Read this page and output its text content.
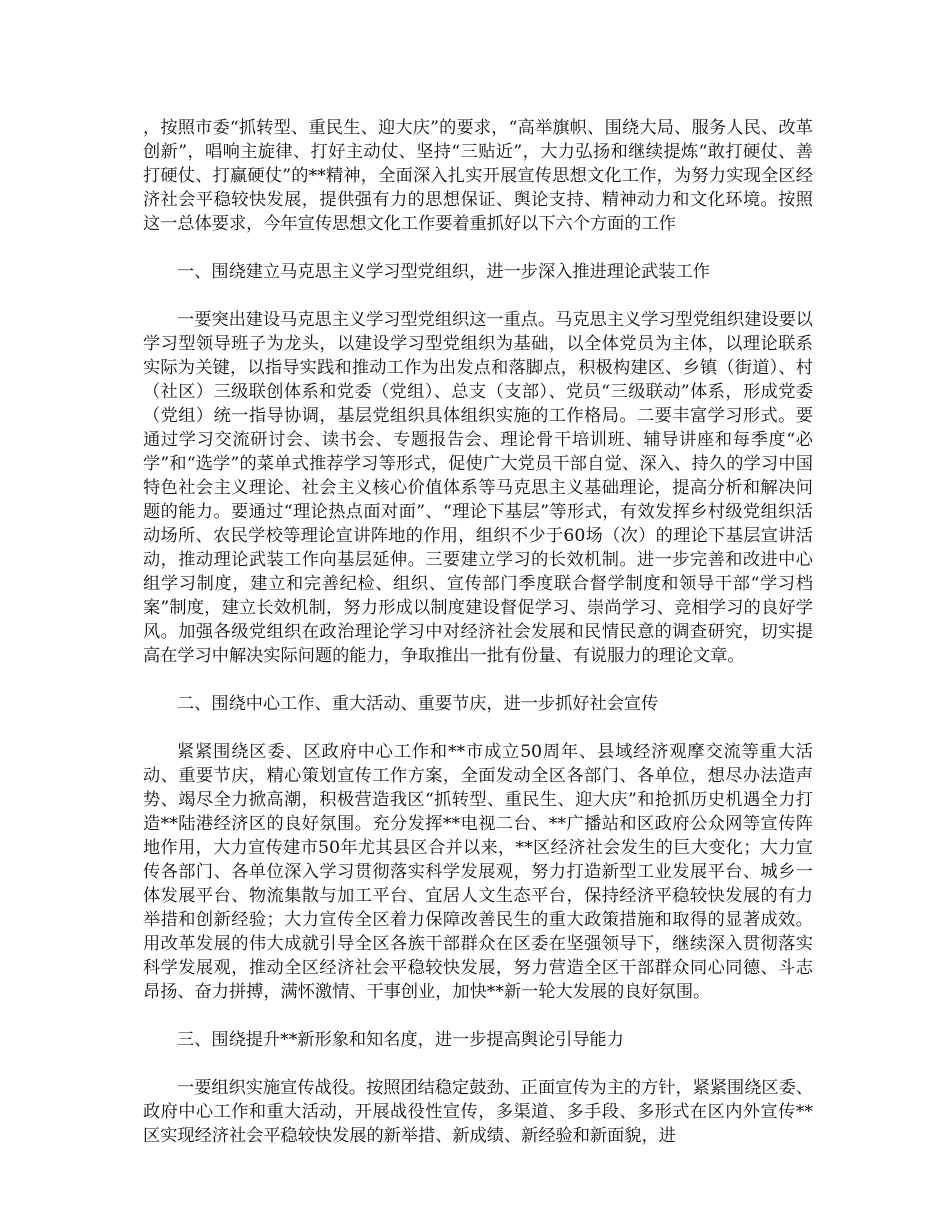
，按照市委“抓转型、重民生、迎大庆”的要求，“高举旗帜、围绕大局、服务人民、改革创新”，唱响主旋律、打好主动仗、坚持“三贴近”，大力弘扬和继续提炼“敢打硬仗、善打硬仗、打赢硬仗”的**精神，全面深入扎实开展宣传思想文化工作，为努力实现全区经济社会平稳较快发展，提供强有力的思想保证、舆论支持、精神动力和文化环境。按照这一总体要求，今年宣传思想文化工作要着重抓好以下六个方面的工作

一、围绕建立马克思主义学习型党组织，进一步深入推进理论武装工作

一要突出建设马克思主义学习型党组织这一重点。马克思主义学习型党组织建设要以学习型领导班子为龙头，以建设学习型党组织为基础，以全体党员为主体，以理论联系实际为关键，以指导实践和推动工作为出发点和落脚点，积极构建区、乡镇（街道）、村（社区）三级联创体系和党委（党组）、总支（支部）、党员“三级联动”体系，形成党委（党组）统一指导协调，基层党组织具体组织实施的工作格局。二要丰富学习形式。要通过学习交流研讨会、读书会、专题报告会、理论骨干培训班、辅导讲座和每季度“必学”和“选学”的菜单式推荐学习等形式，促使广大党员干部自觉、深入、持久的学习中国特色社会主义理论、社会主义核心价值体系等马克思主义基础理论，提高分析和解决问题的能力。要通过“理论热点面对面”、“理论下基层”等形式，有效发挥乡村级党组织活动场所、农民学校等理论宣讲阵地的作用，组织不少于60场（次）的理论下基层宣讲活动，推动理论武装工作向基层延伸。三要建立学习的长效机制。进一步完善和改进中心组学习制度，建立和完善纪检、组织、宣传部门季度联合督学制度和领导干部“学习档案”制度，建立长效机制，努力形成以制度建设督促学习、崇尚学习、竞相学习的良好学风。加强各级党组织在政治理论学习中对经济社会发展和民情民意的调查研究，切实提高在学习中解决实际问题的能力，争取推出一批有份量、有说服力的理论文章。

二、围绕中心工作、重大活动、重要节庆，进一步抓好社会宣传

紧紧围绕区委、区政府中心工作和**市成立50周年、县域经济观摩交流等重大活动、重要节庆，精心策划宣传工作方案，全面发动全区各部门、各单位，想尽办法造声势、竭尽全力掀高潮，积极营造我区“抓转型、重民生、迎大庆”和抢抓历史机遇全力打造**陆港经济区的良好氛围。充分发挥**电视二台、**广播站和区政府公众网等宣传阵地作用，大力宣传建市50年尤其县区合并以来，**区经济社会发生的巨大变化；大力宣传各部门、各单位深入学习贯彻落实科学发展观，努力打造新型工业发展平台、城乡一体发展平台、物流集散与加工平台、宜居人文生态平台，保持经济平稳较快发展的有力举措和创新经验；大力宣传全区着力保障改善民生的重大政策措施和取得的显著成效。用改革发展的伟大成就引导全区各族干部群众在区委在坚强领导下，继续深入贯彻落实科学发展观，推动全区经济社会平稳较快发展，努力营造全区干部群众同心同德、斗志昂扬、奋力拼搏，满怀激情、干事创业，加快**新一轮大发展的良好氛围。

三、围绕提升**新形象和知名度，进一步提高舆论引导能力

一要组织实施宣传战役。按照团结稳定鼓劲、正面宣传为主的方针，紧紧围绕区委、政府中心工作和重大活动，开展战役性宣传，多渠道、多手段、多形式在区内外宣传**区实现经济社会平稳较快发展的新举措、新成绩、新经验和新面貌，进
